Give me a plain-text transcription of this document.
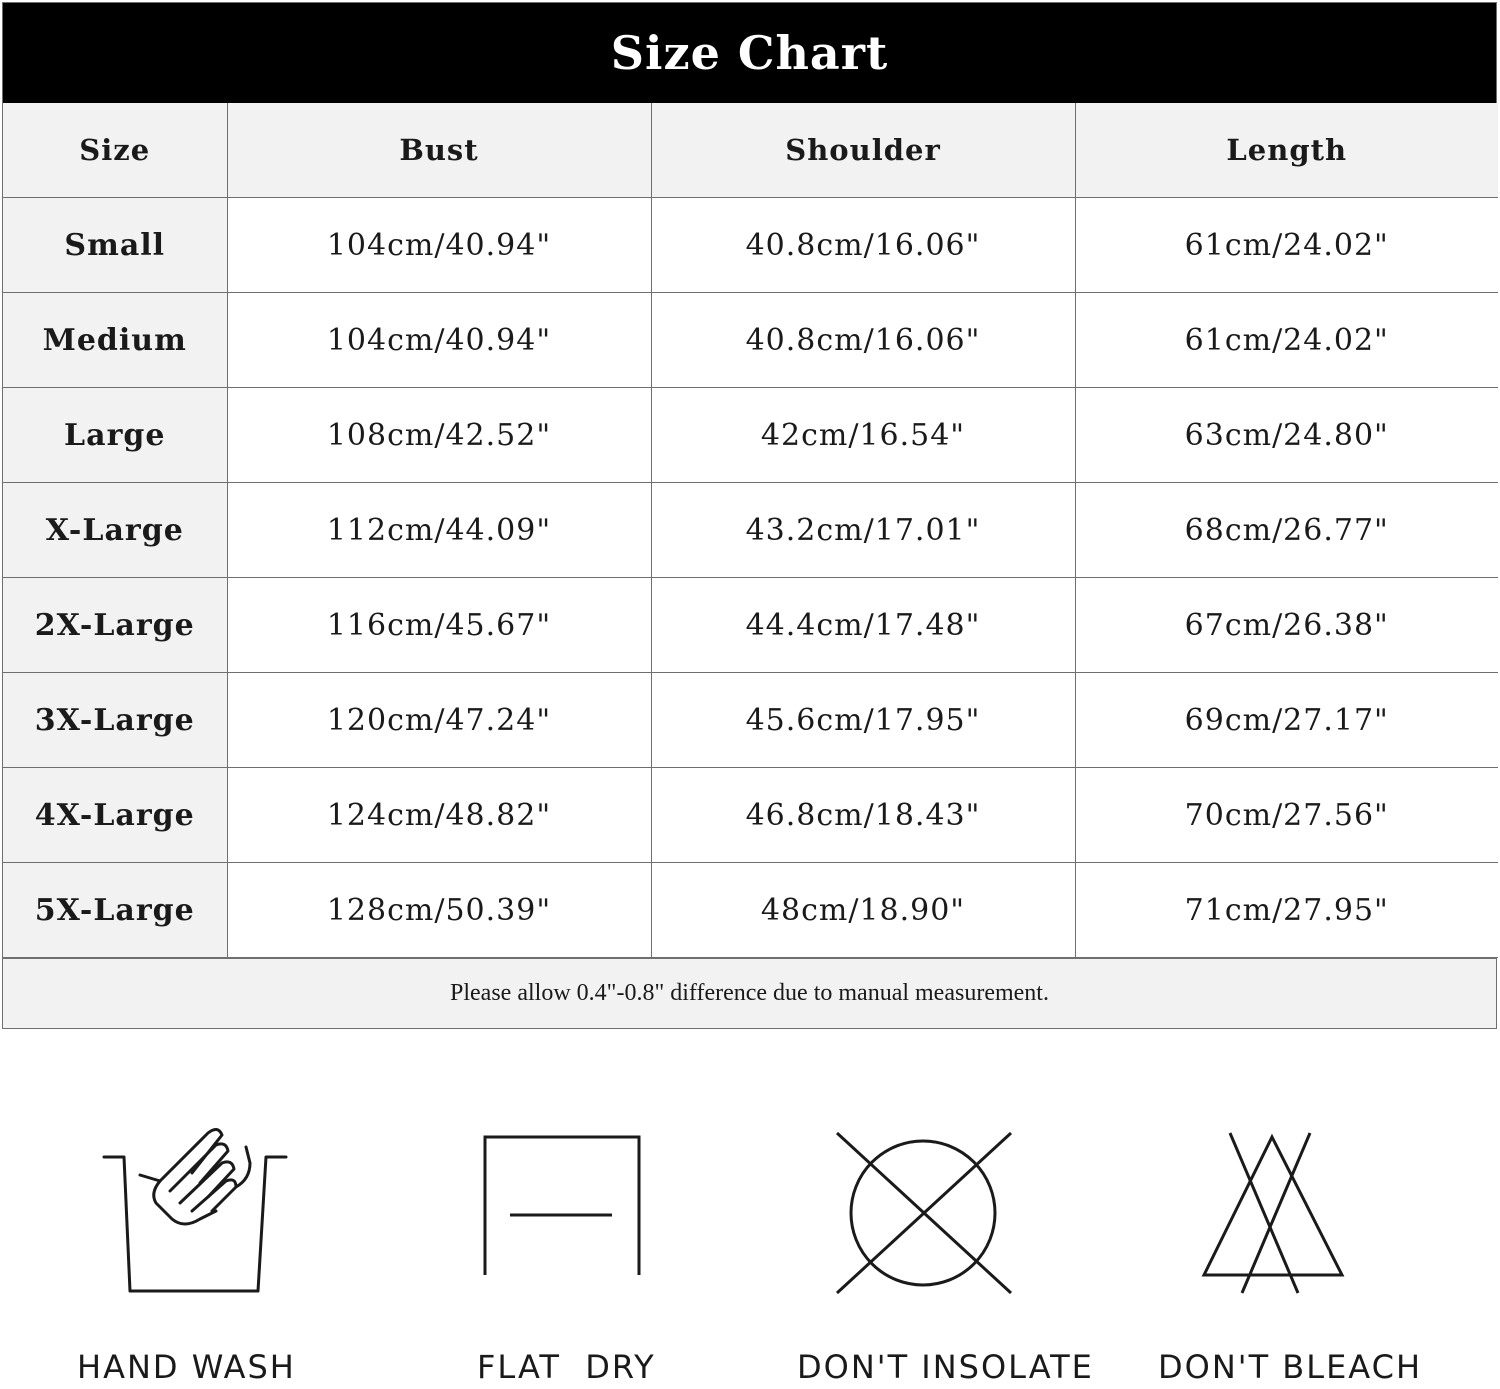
Size Chart
Size	Bust	Shoulder	Length
Small	104cm/40.94"	40.8cm/16.06"	61cm/24.02"
Medium	104cm/40.94"	40.8cm/16.06"	61cm/24.02"
Large	108cm/42.52"	42cm/16.54"	63cm/24.80"
X-Large	112cm/44.09"	43.2cm/17.01"	68cm/26.77"
2X-Large	116cm/45.67"	44.4cm/17.48"	67cm/26.38"
3X-Large	120cm/47.24"	45.6cm/17.95"	69cm/27.17"
4X-Large	124cm/48.82"	46.8cm/18.43"	70cm/27.56"
5X-Large	128cm/50.39"	48cm/18.90"	71cm/27.95"
Please allow 0.4"-0.8" difference due to manual measurement.
HAND WASH	FLAT  DRY	DON'T INSOLATE DON'T BLEACH
